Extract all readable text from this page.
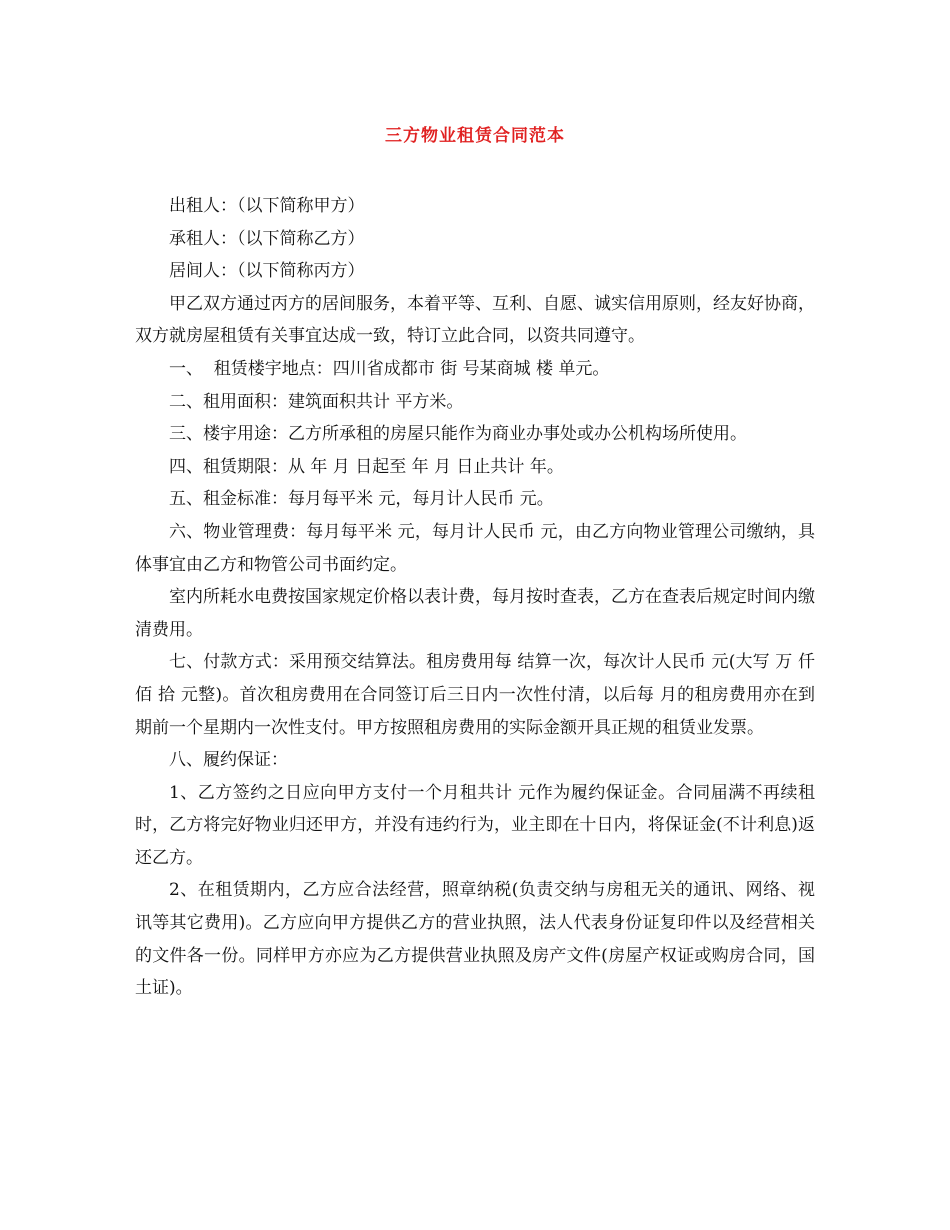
三方物业租赁合同范本

出租人：（以下简称甲方）

承租人：（以下简称乙方）

居间人：（以下简称丙方）

甲乙双方通过丙方的居间服务，本着平等、互利、自愿、诚实信用原则，经友好协商，双方就房屋租赁有关事宜达成一致，特订立此合同，以资共同遵守。

一、  租赁楼宇地点：四川省成都市 街 号某商城 楼 单元。

二、租用面积：建筑面积共计 平方米。

三、楼宇用途：乙方所承租的房屋只能作为商业办事处或办公机构场所使用。

四、租赁期限：从 年 月 日起至 年 月 日止共计 年。

五、租金标准：每月每平米 元，每月计人民币 元。

六、物业管理费：每月每平米 元，每月计人民币 元，由乙方向物业管理公司缴纳，具体事宜由乙方和物管公司书面约定。

室内所耗水电费按国家规定价格以表计费，每月按时查表，乙方在查表后规定时间内缴清费用。

七、付款方式：采用预交结算法。租房费用每 结算一次，每次计人民币 元(大写 万 仟 佰 拾 元整)。首次租房费用在合同签订后三日内一次性付清，以后每 月的租房费用亦在到期前一个星期内一次性支付。甲方按照租房费用的实际金额开具正规的租赁业发票。

八、履约保证：

1、乙方签约之日应向甲方支付一个月租共计 元作为履约保证金。合同届满不再续租时，乙方将完好物业归还甲方，并没有违约行为，业主即在十日内，将保证金(不计利息)返还乙方。

2、在租赁期内，乙方应合法经营，照章纳税(负责交纳与房租无关的通讯、网络、视讯等其它费用)。乙方应向甲方提供乙方的营业执照，法人代表身份证复印件以及经营相关的文件各一份。同样甲方亦应为乙方提供营业执照及房产文件(房屋产权证或购房合同，国土证)。
